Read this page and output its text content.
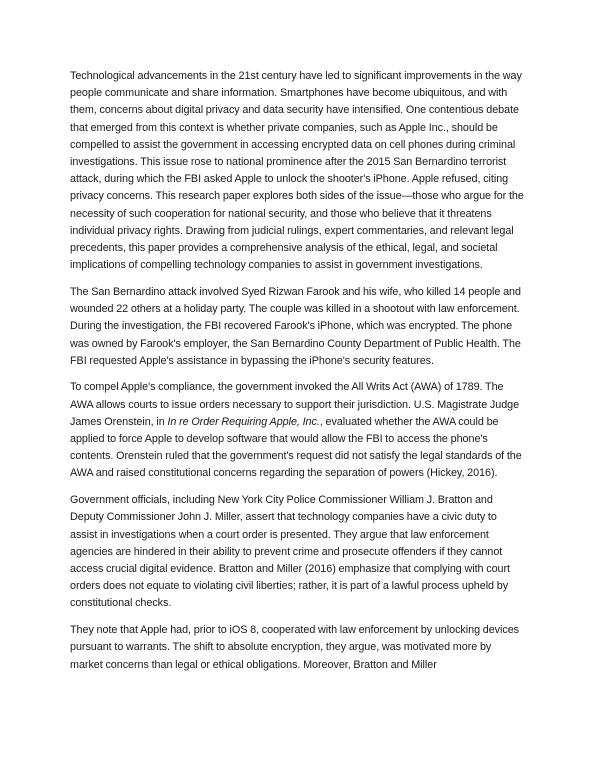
Technological advancements in the 21st century have led to significant improvements in the way people communicate and share information. Smartphones have become ubiquitous, and with them, concerns about digital privacy and data security have intensified. One contentious debate that emerged from this context is whether private companies, such as Apple Inc., should be compelled to assist the government in accessing encrypted data on cell phones during criminal investigations. This issue rose to national prominence after the 2015 San Bernardino terrorist attack, during which the FBI asked Apple to unlock the shooter's iPhone. Apple refused, citing privacy concerns. This research paper explores both sides of the issue—those who argue for the necessity of such cooperation for national security, and those who believe that it threatens individual privacy rights. Drawing from judicial rulings, expert commentaries, and relevant legal precedents, this paper provides a comprehensive analysis of the ethical, legal, and societal implications of compelling technology companies to assist in government investigations.

The San Bernardino attack involved Syed Rizwan Farook and his wife, who killed 14 people and wounded 22 others at a holiday party. The couple was killed in a shootout with law enforcement. During the investigation, the FBI recovered Farook's iPhone, which was encrypted. The phone was owned by Farook's employer, the San Bernardino County Department of Public Health. The FBI requested Apple's assistance in bypassing the iPhone's security features.

To compel Apple's compliance, the government invoked the All Writs Act (AWA) of 1789. The AWA allows courts to issue orders necessary to support their jurisdiction. U.S. Magistrate Judge James Orenstein, in In re Order Requiring Apple, Inc., evaluated whether the AWA could be applied to force Apple to develop software that would allow the FBI to access the phone's contents. Orenstein ruled that the government's request did not satisfy the legal standards of the AWA and raised constitutional concerns regarding the separation of powers (Hickey, 2016).

Government officials, including New York City Police Commissioner William J. Bratton and Deputy Commissioner John J. Miller, assert that technology companies have a civic duty to assist in investigations when a court order is presented. They argue that law enforcement agencies are hindered in their ability to prevent crime and prosecute offenders if they cannot access crucial digital evidence. Bratton and Miller (2016) emphasize that complying with court orders does not equate to violating civil liberties; rather, it is part of a lawful process upheld by constitutional checks.

They note that Apple had, prior to iOS 8, cooperated with law enforcement by unlocking devices pursuant to warrants. The shift to absolute encryption, they argue, was motivated more by market concerns than legal or ethical obligations. Moreover, Bratton and Miller
